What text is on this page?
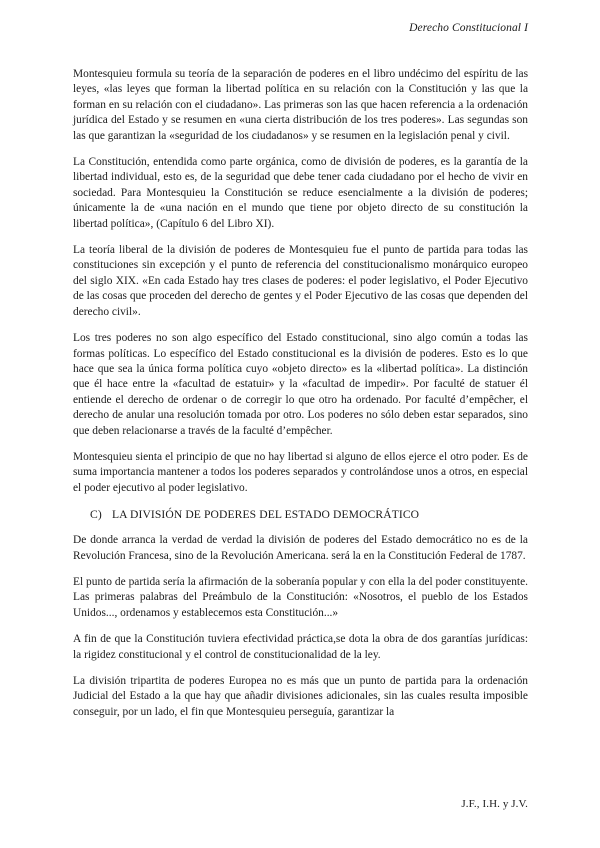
Derecho Constitucional I

Montesquieu formula su teoría de la separación de poderes en el libro undécimo del espíritu de las leyes, «las leyes que forman la libertad política en su relación con la Constitución y las que la forman en su relación con el ciudadano». Las primeras son las que hacen referencia a la ordenación jurídica del Estado y se resumen en «una cierta distribución de los tres poderes». Las segundas son las que garantizan la «seguridad de los ciudadanos» y se resumen en la legislación penal y civil.

La Constitución, entendida como parte orgánica, como de división de poderes, es la garantía de la libertad individual, esto es, de la seguridad que debe tener cada ciudadano por el hecho de vivir en sociedad. Para Montesquieu la Constitución se reduce esencialmente a la división de poderes; únicamente la de «una nación en el mundo que tiene por objeto directo de su constitución la libertad política», (Capítulo 6 del Libro XI).

La teoría liberal de la división de poderes de Montesquieu fue el punto de partida para todas las constituciones sin excepción y el punto de referencia del constitucionalismo monárquico europeo del siglo XIX. «En cada Estado hay tres clases de poderes: el poder legislativo, el Poder Ejecutivo de las cosas que proceden del derecho de gentes y el Poder Ejecutivo de las cosas que dependen del derecho civil».

Los tres poderes no son algo específico del Estado constitucional, sino algo común a todas las formas políticas. Lo específico del Estado constitucional es la división de poderes. Esto es lo que hace que sea la única forma política cuyo «objeto directo» es la «libertad política». La distinción que él hace entre la «facultad de estatuir» y la «facultad de impedir». Por faculté de statuer él entiende el derecho de ordenar o de corregir lo que otro ha ordenado. Por faculté d’empêcher, el derecho de anular una resolución tomada por otro. Los poderes no sólo deben estar separados, sino que deben relacionarse a través de la faculté d’empêcher.

Montesquieu sienta el principio de que no hay libertad si alguno de ellos ejerce el otro poder. Es de suma importancia mantener a todos los poderes separados y controlándose unos a otros, en especial el poder ejecutivo al poder legislativo.

C) LA DIVISIÓN DE PODERES DEL ESTADO DEMOCRÁTICO

De donde arranca la verdad de verdad la división de poderes del Estado democrático no es de la Revolución Francesa, sino de la Revolución Americana. será la en la Constitución Federal de 1787.

El punto de partida sería la afirmación de la soberanía popular y con ella la del poder constituyente. Las primeras palabras del Preámbulo de la Constitución: «Nosotros, el pueblo de los Estados Unidos..., ordenamos y establecemos esta Constitución...»

A fin de que la Constitución tuviera efectividad práctica,se dota la obra de dos garantías jurídicas: la rigidez constitucional y el control de constitucionalidad de la ley.

La división tripartita de poderes Europea no es más que un punto de partida para la ordenación Judicial del Estado a la que hay que añadir divisiones adicionales, sin las cuales resulta imposible conseguir, por un lado, el fin que Montesquieu perseguía, garantizar la

J.F., I.H. y J.V.
